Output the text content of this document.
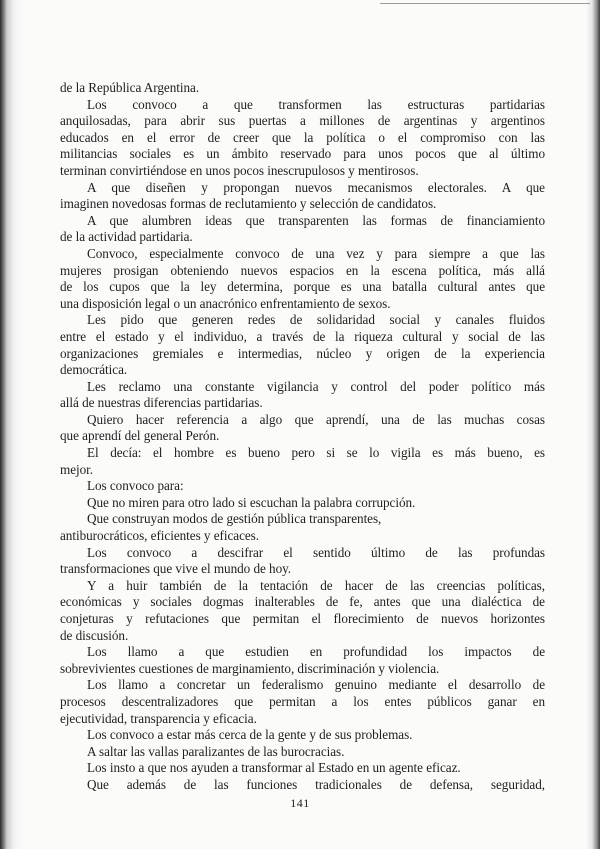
de la República Argentina.
Los convoco a que transformen las estructuras partidarias
anquilosadas, para abrir sus puertas a millones de argentinas y argentinos
educados en el error de creer que la política o el compromiso con las
militancias sociales es un ámbito reservado para unos pocos que al último
terminan convirtiéndose en unos pocos inescrupulosos y mentirosos.
A que diseñen y propongan nuevos mecanismos electorales. A que
imaginen novedosas formas de reclutamiento y selección de candidatos.
A que alumbren ideas que transparenten las formas de financiamiento
de la actividad partidaria.
Convoco, especialmente convoco de una vez y para siempre a que las
mujeres prosigan obteniendo nuevos espacios en la escena política, más allá
de los cupos que la ley determina, porque es una batalla cultural antes que
una disposición legal o un anacrónico enfrentamiento de sexos.
Les pido que generen redes de solidaridad social y canales fluidos
entre el estado y el individuo, a través de la riqueza cultural y social de las
organizaciones gremiales e intermedias, núcleo y origen de la experiencia
democrática.
Les reclamo una constante vigilancia y control del poder político más
allá de nuestras diferencias partidarias.
Quiero hacer referencia a algo que aprendí, una de las muchas cosas
que aprendí del general Perón.
El decía: el hombre es bueno pero si se lo vigila es más bueno, es
mejor.
Los convoco para:
Que no miren para otro lado si escuchan la palabra corrupción.
Que construyan modos de gestión pública transparentes,
antiburocráticos, eficientes y eficaces.
Los convoco a descifrar el sentido último de las profundas
transformaciones que vive el mundo de hoy.
Y a huir también de la tentación de hacer de las creencias políticas,
económicas y sociales dogmas inalterables de fe, antes que una dialéctica de
conjeturas y refutaciones que permitan el florecimiento de nuevos horizontes
de discusión.
Los llamo a que estudien en profundidad los impactos de
sobrevivientes cuestiones de marginamiento, discriminación y violencia.
Los llamo a concretar un federalismo genuino mediante el desarrollo de
procesos descentralizadores que permitan a los entes públicos ganar en
ejecutividad, transparencia y eficacia.
Los convoco a estar más cerca de la gente y de sus problemas.
A saltar las vallas paralizantes de las burocracias.
Los insto a que nos ayuden a transformar al Estado en un agente eficaz.
Que además de las funciones tradicionales de defensa, seguridad,
141
